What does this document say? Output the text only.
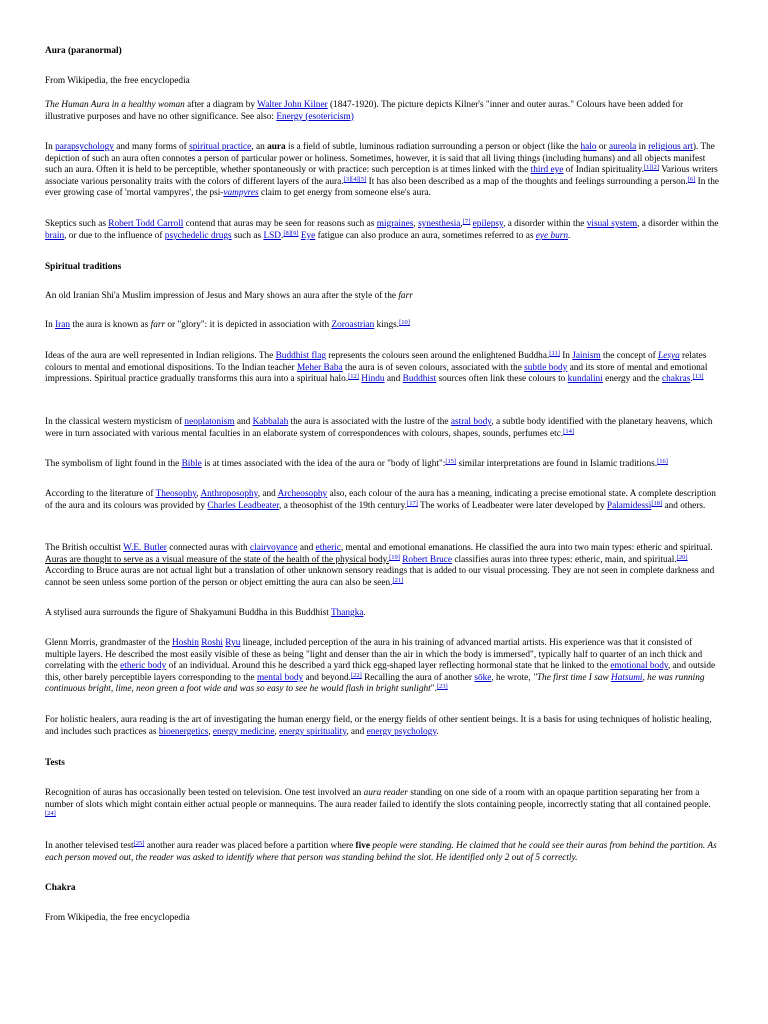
Aura (paranormal)

From Wikipedia, the free encyclopedia

The Human Aura in a healthy woman after a diagram by Walter John Kilner (1847-1920). The picture depicts Kilner's "inner and outer auras." Colours have been added for illustrative purposes and have no other significance. See also: Energy (esotericism)

In parapsychology and many forms of spiritual practice, an aura is a field of subtle, luminous radiation surrounding a person or object (like the halo or aureola in religious art). The depiction of such an aura often connotes a person of particular power or holiness. Sometimes, however, it is said that all living things (including humans) and all objects manifest such an aura. Often it is held to be perceptible, whether spontaneously or with practice: such perception is at times linked with the third eye of Indian spirituality.[1][2] Various writers associate various personality traits with the colors of different layers of the aura.[3][4][5] It has also been described as a map of the thoughts and feelings surrounding a person.[6] In the ever growing case of 'mortal vampyres', the psi-vampyres claim to get energy from someone else's aura.

Skeptics such as Robert Todd Carroll contend that auras may be seen for reasons such as migraines, synesthesia,[7] epilepsy, a disorder within the visual system, a disorder within the brain, or due to the influence of psychedelic drugs such as LSD.[8][9] Eye fatigue can also produce an aura, sometimes referred to as eye burn.

Spiritual traditions

An old Iranian Shi'a Muslim impression of Jesus and Mary shows an aura after the style of the farr

In Iran the aura is known as farr or "glory": it is depicted in association with Zoroastrian kings.[10]

Ideas of the aura are well represented in Indian religions. The Buddhist flag represents the colours seen around the enlightened Buddha.[11] In Jainism the concept of Lesya relates colours to mental and emotional dispositions. To the Indian teacher Meher Baba the aura is of seven colours, associated with the subtle body and its store of mental and emotional impressions. Spiritual practice gradually transforms this aura into a spiritual halo.[12] Hindu and Buddhist sources often link these colours to kundalini energy and the chakras.[13]

In the classical western mysticism of neoplatonism and Kabbalah the aura is associated with the lustre of the astral body, a subtle body identified with the planetary heavens, which were in turn associated with various mental faculties in an elaborate system of correspondences with colours, shapes, sounds, perfumes etc.[14]

The symbolism of light found in the Bible is at times associated with the idea of the aura or "body of light":[15] similar interpretations are found in Islamic traditions.[16]

According to the literature of Theosophy, Anthroposophy, and Archeosophy also, each colour of the aura has a meaning, indicating a precise emotional state. A complete description of the aura and its colours was provided by Charles Leadbeater, a theosophist of the 19th century.[17] The works of Leadbeater were later developed by Palamidessi[18] and others.

The British occultist W.E. Butler connected auras with clairvoyance and etheric, mental and emotional emanations. He classified the aura into two main types: etheric and spiritual. Auras are thought to serve as a visual measure of the state of the health of the physical body.[19] Robert Bruce classifies auras into three types: etheric, main, and spiritual.[20] According to Bruce auras are not actual light but a translation of other unknown sensory readings that is added to our visual processing. They are not seen in complete darkness and cannot be seen unless some portion of the person or object emitting the aura can also be seen.[21]

A stylised aura surrounds the figure of Shakyamuni Buddha in this Buddhist Thangka.

Glenn Morris, grandmaster of the Hoshin Roshi Ryu lineage, included perception of the aura in his training of advanced martial artists. His experience was that it consisted of multiple layers. He described the most easily visible of these as being "light and denser than the air in which the body is immersed", typically half to quarter of an inch thick and correlating with the etheric body of an individual. Around this he described a yard thick egg-shaped layer reflecting hormonal state that he linked to the emotional body, and outside this, other barely perceptible layers corresponding to the mental body and beyond.[22] Recalling the aura of another sōke, he wrote, "The first time I saw Hatsumi, he was running continuous bright, lime, neon green a foot wide and was so easy to see he would flash in bright sunlight".[23]

For holistic healers, aura reading is the art of investigating the human energy field, or the energy fields of other sentient beings. It is a basis for using techniques of holistic healing, and includes such practices as bioenergetics, energy medicine, energy spirituality, and energy psychology.

Tests

Recognition of auras has occasionally been tested on television. One test involved an aura reader standing on one side of a room with an opaque partition separating her from a number of slots which might contain either actual people or mannequins. The aura reader failed to identify the slots containing people, incorrectly stating that all contained people.[24]

In another televised test[25] another aura reader was placed before a partition where five people were standing. He claimed that he could see their auras from behind the partition. As each person moved out, the reader was asked to identify where that person was standing behind the slot. He identified only 2 out of 5 correctly.

Chakra

From Wikipedia, the free encyclopedia
